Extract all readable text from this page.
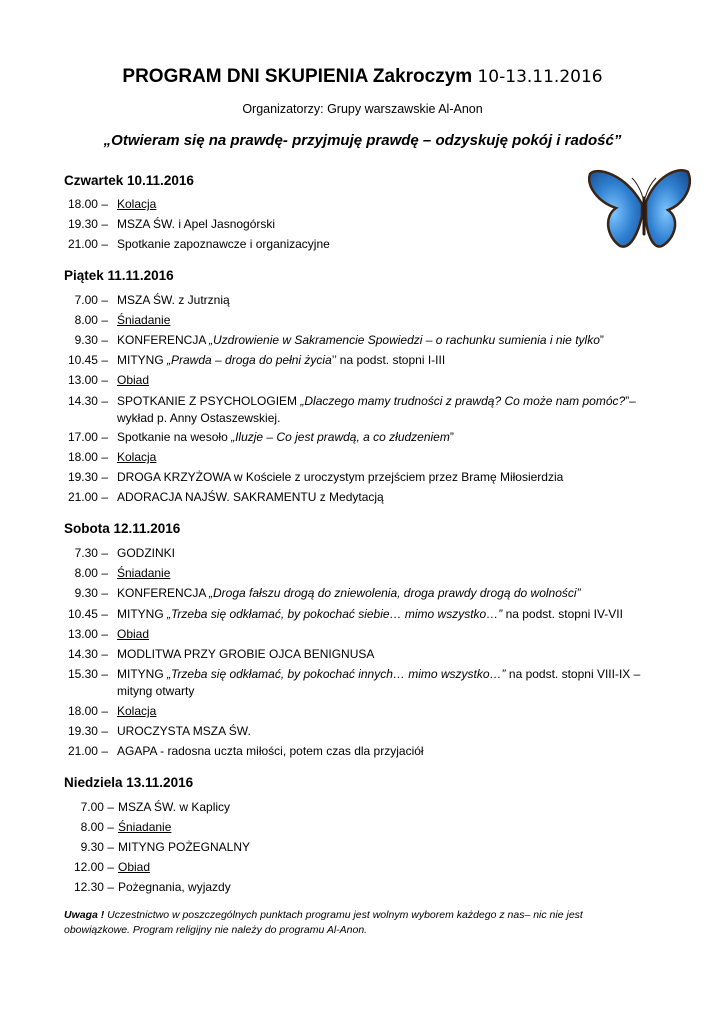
PROGRAM DNI SKUPIENIA Zakroczym 10-13.11.2016
Organizatorzy: Grupy warszawskie Al-Anon
„Otwieram się na prawdę- przyjmuję prawdę – odzyskuję pokój i radość”
Czwartek 10.11.2016
18.00 – Kolacja
19.30 – MSZA ŚW. i Apel Jasnogórski
21.00 – Spotkanie zapoznawcze i organizacyjne
Piątek 11.11.2016
7.00 – MSZA ŚW. z Jutrznią
8.00 – Śniadanie
9.30 – KONFERENCJA „Uzdrowienie w Sakramencie Spowiedzi – o rachunku sumienia i nie tylko”
10.45 – MITYNG „Prawda – droga do pełni życia’’ na podst. stopni I-III
13.00 – Obiad
14.30 – SPOTKANIE Z PSYCHOLOGIEM „Dlaczego mamy trudności z prawdą? Co może nam pomóc?”– wykład p. Anny Ostaszewskiej.
17.00 – Spotkanie na wesoło „Iluzje – Co jest prawdą, a co złudzeniem”
18.00 – Kolacja
19.30 – DROGA KRZYŻOWA w Kościele z uroczystym przejściem przez Bramę Miłosierdzia
21.00 – ADORACJA NAJŚW. SAKRAMENTU z Medytacją
Sobota 12.11.2016
7.30 – GODZINKI
8.00 – Śniadanie
9.30 – KONFERENCJA „Droga fałszu drogą do zniewolenia, droga prawdy drogą do wolności”
10.45 – MITYNG „Trzeba się odkłamać, by pokochać siebie… mimo wszystko…” na podst. stopni IV-VII
13.00 – Obiad
14.30 – MODLITWA PRZY GROBIE OJCA BENIGNUSA
15.30 – MITYNG „Trzeba się odkłamać, by pokochać innych… mimo wszystko…” na podst. stopni VIII-IX – mityng otwarty
18.00 – Kolacja
19.30 – UROCZYSTA MSZA ŚW.
21.00 – AGAPA - radosna uczta miłości, potem czas dla przyjaciół
Niedziela 13.11.2016
7.00 – MSZA ŚW. w Kaplicy
8.00 – Śniadanie
9.30 – MITYNG POŻEGNALNY
12.00 – Obiad
12.30 – Pożegnania, wyjazdy
Uwaga ! Uczestnictwo w poszczególnych punktach programu jest wolnym wyborem każdego z nas– nic nie jest obowiązkowe. Program religijny nie należy do programu Al-Anon.
